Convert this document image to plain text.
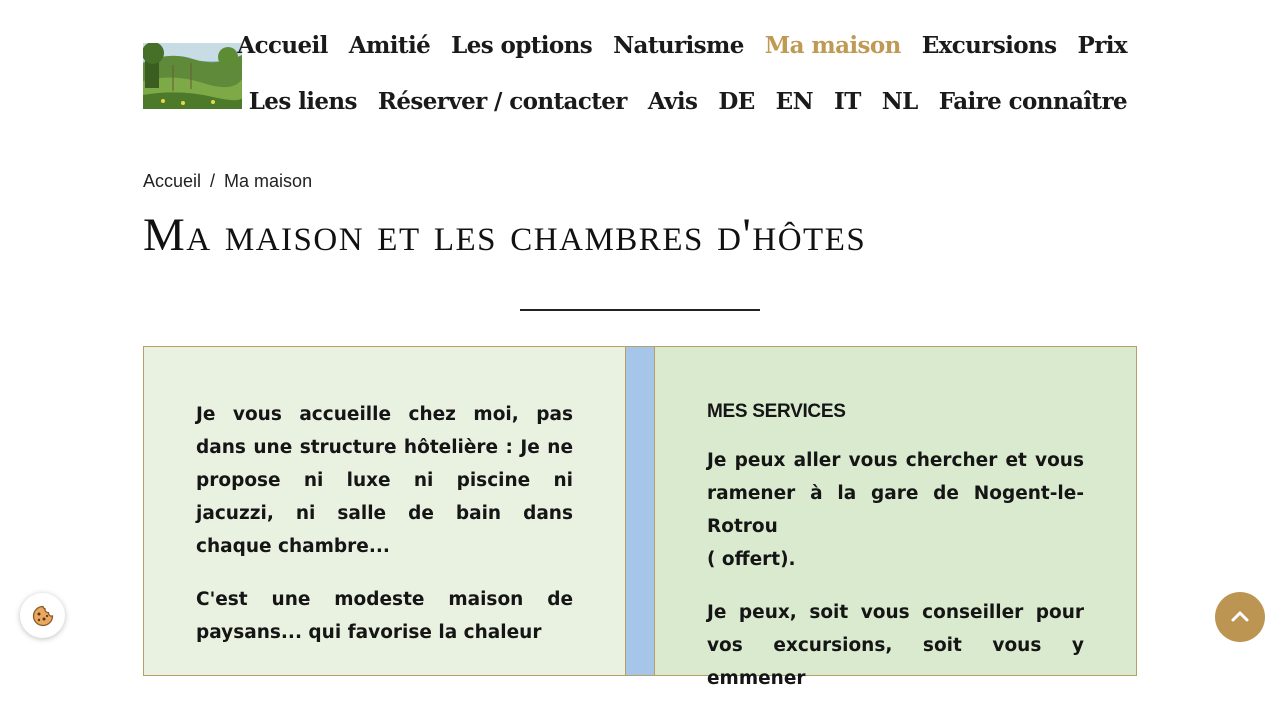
Accueil Amitié Les options Naturisme Ma maison Excursions Prix
Les liens Réserver / contacter Avis DE EN IT NL Faire connaître
Accueil / Ma maison
Ma maison et les chambres d'hôtes

Je vous accueille chez moi, pas dans une structure hôtelière : Je ne propose ni luxe ni piscine ni jacuzzi, ni salle de bain dans chaque chambre...

C'est une modeste maison de paysans... qui favorise la chaleur

MES SERVICES

Je peux aller vous chercher et vous ramener à la gare de Nogent-le-Rotrou

( offert).

Je peux, soit vous conseiller pour vos excursions, soit vous y emmener
